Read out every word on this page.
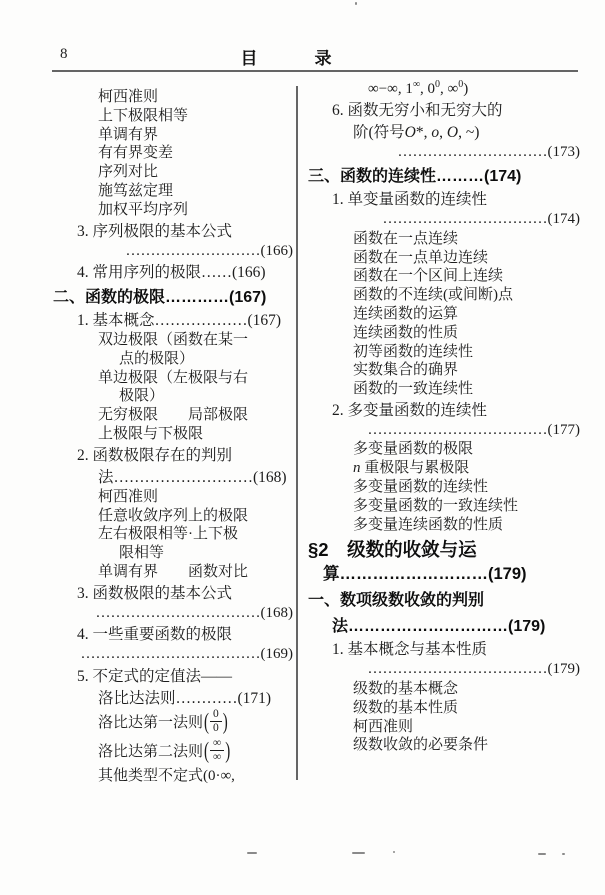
8	目　录
柯西准则
上下极限相等
单调有界
有有界变差
序列对比
施笃兹定理
加权平均序列
3. 序列极限的基本公式
………………………(166)
4. 常用序列的极限……(166)
二、函数的极限…………(167)
1. 基本概念………………(167)
双边极限（函数在某一
点的极限）
单边极限（左极限与右
极限）
无穷极限　　局部极限
上极限与下极限
2. 函数极限存在的判别
法………………………(168)
柯西准则
任意收敛序列上的极限
左右极限相等·上下极
限相等
单调有界　　函数对比
3. 函数极限的基本公式
……………………………(168)
4. 一些重要函数的极限
………………………………(169)
5. 不定式的定值法——
洛比达法则…………(171)
洛比达第一法则( $\frac{0}{0}$ )
洛比达第二法则( $\frac{\infty}{\infty}$ )
其他类型不定式(0·∞,
∞−∞, 1∞, $0^0$, ∞$^0$)
6. 函数无穷小和无穷大的
阶(符号O*, o, O, ~)
…………………………(173)
三、函数的连续性………(174)
1. 单变量函数的连续性
……………………………(174)
函数在一点连续
函数在一点单边连续
函数在一个区间上连续
函数的不连续(或间断)点
连续函数的运算
连续函数的性质
初等函数的连续性
实数集合的确界
函数的一致连续性
2. 多变量函数的连续性
………………………………(177)
多变量函数的极限
n 重极限与累极限
多变量函数的连续性
多变量函数的一致连续性
多变量连续函数的性质
§2　级数的收敛与运
算………………………(179)
一、数项级数收敛的判别
法…………………………(179)
1. 基本概念与基本性质
………………………………(179)
级数的基本概念
级数的基本性质
柯西准则
级数收敛的必要条件
